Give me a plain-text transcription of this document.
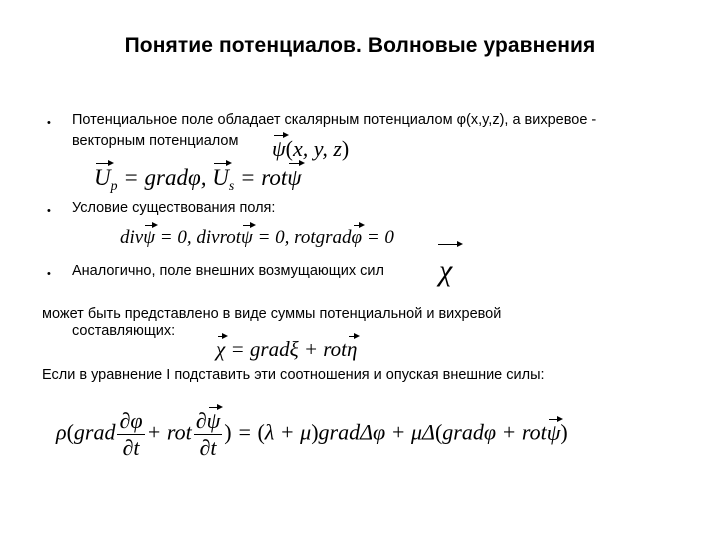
Понятие потенциалов. Волновые уравнения
• Потенциальное поле обладает скалярным потенциалом φ(x,y,z), а вихревое -
векторным потенциалом ψ(x, y, z)
$U_p$ = gradφ, $U_s = rot\psi$
• Условие существования поля:
divψ = 0, divrotψ = 0, rotgradφ = 0
• Аналогично, поле внешних возмущающих сил χ
может быть представлено в виде суммы потенциальной и вихревой
составляющих:
χ = gradξ + rotη
Если в уравнение I подставить эти соотношения и опуская внешние силы:
ρ(grad $\frac{\partial\varphi}{\partial t}$ + rot $\frac{\partial\psi}{\partial t}$ ) = (λ + μ)gradΔφ + μΔ(gradφ + rotψ)
